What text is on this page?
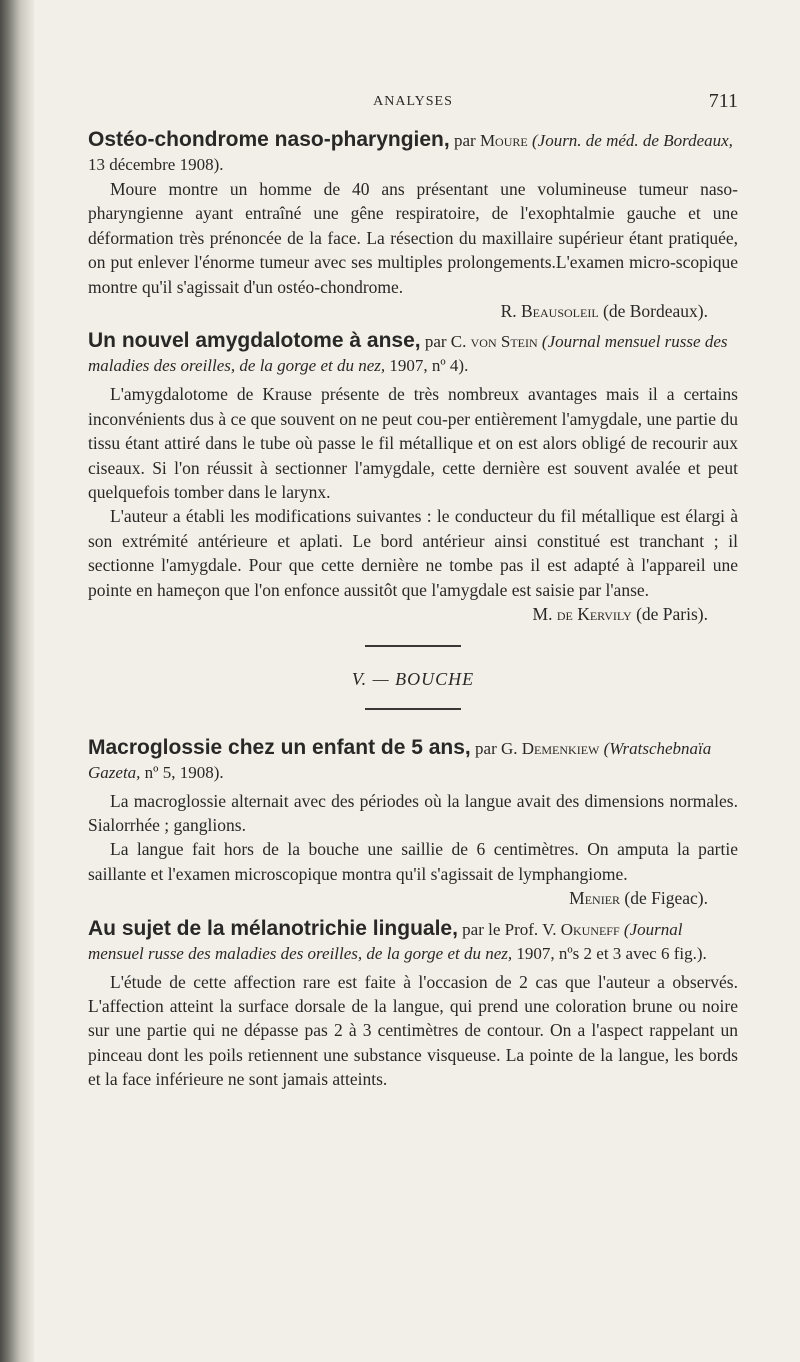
ANALYSES	711

Ostéo-chondrome naso-pharyngien, par Moure (Journ. de méd. de Bordeaux, 13 décembre 1908).

Moure montre un homme de 40 ans présentant une volumineuse tumeur naso-pharyngienne ayant entraîné une gêne respiratoire, de l'exophtalmie gauche et une déformation très prénoncée de la face. La résection du maxillaire supérieur étant pratiquée, on put enlever l'énorme tumeur avec ses multiples prolongements.L'examen micro-scopique montre qu'il s'agissait d'un ostéo-chondrome.

R. Beausoleil (de Bordeaux).

Un nouvel amygdalotome à anse, par C. von Stein (Journal mensuel russe des maladies des oreilles, de la gorge et du nez, 1907, nº 4).

L'amygdalotome de Krause présente de très nombreux avantages mais il a certains inconvénients dus à ce que souvent on ne peut cou-per entièrement l'amygdale, une partie du tissu étant attiré dans le tube où passe le fil métallique et on est alors obligé de recourir aux ciseaux. Si l'on réussit à sectionner l'amygdale, cette dernière est souvent avalée et peut quelquefois tomber dans le larynx.

L'auteur a établi les modifications suivantes : le conducteur du fil métallique est élargi à son extrémité antérieure et aplati. Le bord antérieur ainsi constitué est tranchant ; il sectionne l'amygdale. Pour que cette dernière ne tombe pas il est adapté à l'appareil une pointe en hameçon que l'on enfonce aussitôt que l'amygdale est saisie par l'anse.

M. de Kervily (de Paris).

V. — BOUCHE

Macroglossie chez un enfant de 5 ans, par G. Demenkiew (Wratschebnaïa Gazeta, nº 5, 1908).

La macroglossie alternait avec des périodes où la langue avait des dimensions normales. Sialorrhée ; ganglions.

La langue fait hors de la bouche une saillie de 6 centimètres. On amputa la partie saillante et l'examen microscopique montra qu'il s'agissait de lymphangiome.

Menier (de Figeac).

Au sujet de la mélanotrichie linguale, par le Prof. V. Okuneff (Journal mensuel russe des maladies des oreilles, de la gorge et du nez, 1907, nºs 2 et 3 avec 6 fig.).

L'étude de cette affection rare est faite à l'occasion de 2 cas que l'auteur a observés. L'affection atteint la surface dorsale de la langue, qui prend une coloration brune ou noire sur une partie qui ne dépasse pas 2 à 3 centimètres de contour. On a l'aspect rappelant un pinceau dont les poils retiennent une substance visqueuse. La pointe de la langue, les bords et la face inférieure ne sont jamais atteints.
